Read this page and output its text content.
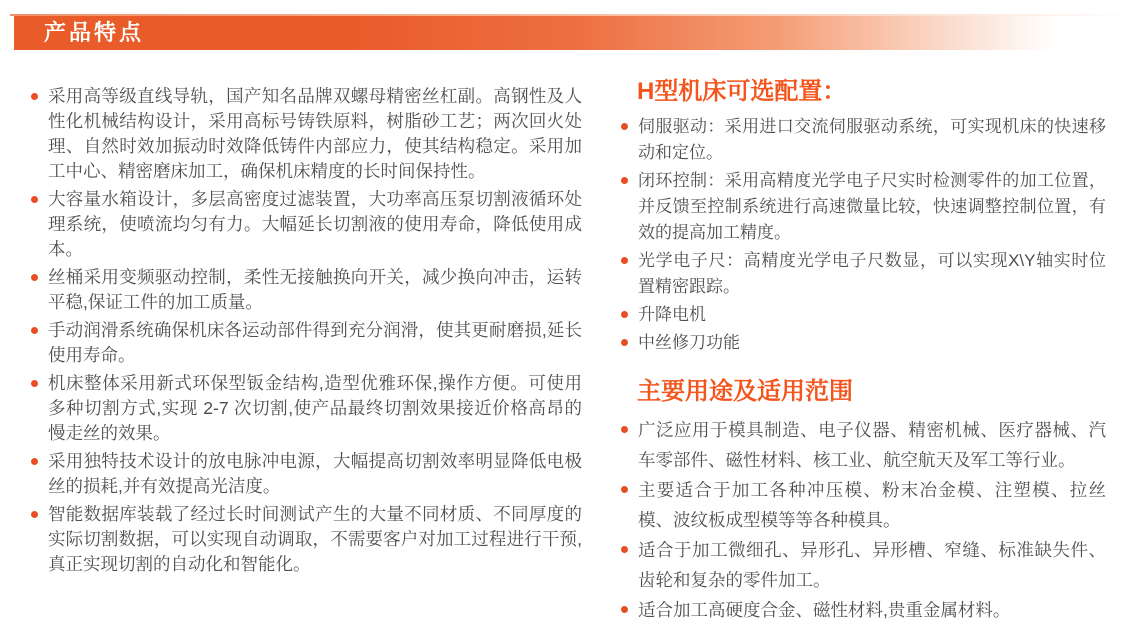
产品特点
采用高等级直线导轨，国产知名品牌双螺母精密丝杠副。高钢性及人性化机械结构设计，采用高标号铸铁原料，树脂砂工艺；两次回火处理、自然时效加振动时效降低铸件内部应力，使其结构稳定。采用加工中心、精密磨床加工，确保机床精度的长时间保持性。
大容量水箱设计，多层高密度过滤装置，大功率高压泵切割液循环处理系统，使喷流均匀有力。大幅延长切割液的使用寿命，降低使用成本。
丝桶采用变频驱动控制，柔性无接触换向开关，减少换向冲击，运转平稳,保证工件的加工质量。
手动润滑系统确保机床各运动部件得到充分润滑，使其更耐磨损,延长使用寿命。
机床整体采用新式环保型钣金结构,造型优雅环保,操作方便。可使用多种切割方式,实现 2-7 次切割,使产品最终切割效果接近价格高昂的慢走丝的效果。
采用独特技术设计的放电脉冲电源，大幅提高切割效率明显降低电极丝的损耗,并有效提高光洁度。
智能数据库装载了经过长时间测试产生的大量不同材质、不同厚度的实际切割数据，可以实现自动调取，不需要客户对加工过程进行干预,真正实现切割的自动化和智能化。
H型机床可选配置：
伺服驱动：采用进口交流伺服驱动系统，可实现机床的快速移动和定位。
闭环控制：采用高精度光学电子尺实时检测零件的加工位置，并反馈至控制系统进行高速微量比较，快速调整控制位置，有效的提高加工精度。
光学电子尺：高精度光学电子尺数显，可以实现X\Y轴实时位置精密跟踪。
升降电机
中丝修刀功能
主要用途及适用范围
广泛应用于模具制造、电子仪器、精密机械、医疗器械、汽车零部件、磁性材料、核工业、航空航天及军工等行业。
主要适合于加工各种冲压模、粉末冶金模、注塑模、拉丝模、波纹板成型模等等各种模具。
适合于加工微细孔、异形孔、异形槽、窄缝、标准缺失件、齿轮和复杂的零件加工。
适合加工高硬度合金、磁性材料,贵重金属材料。
